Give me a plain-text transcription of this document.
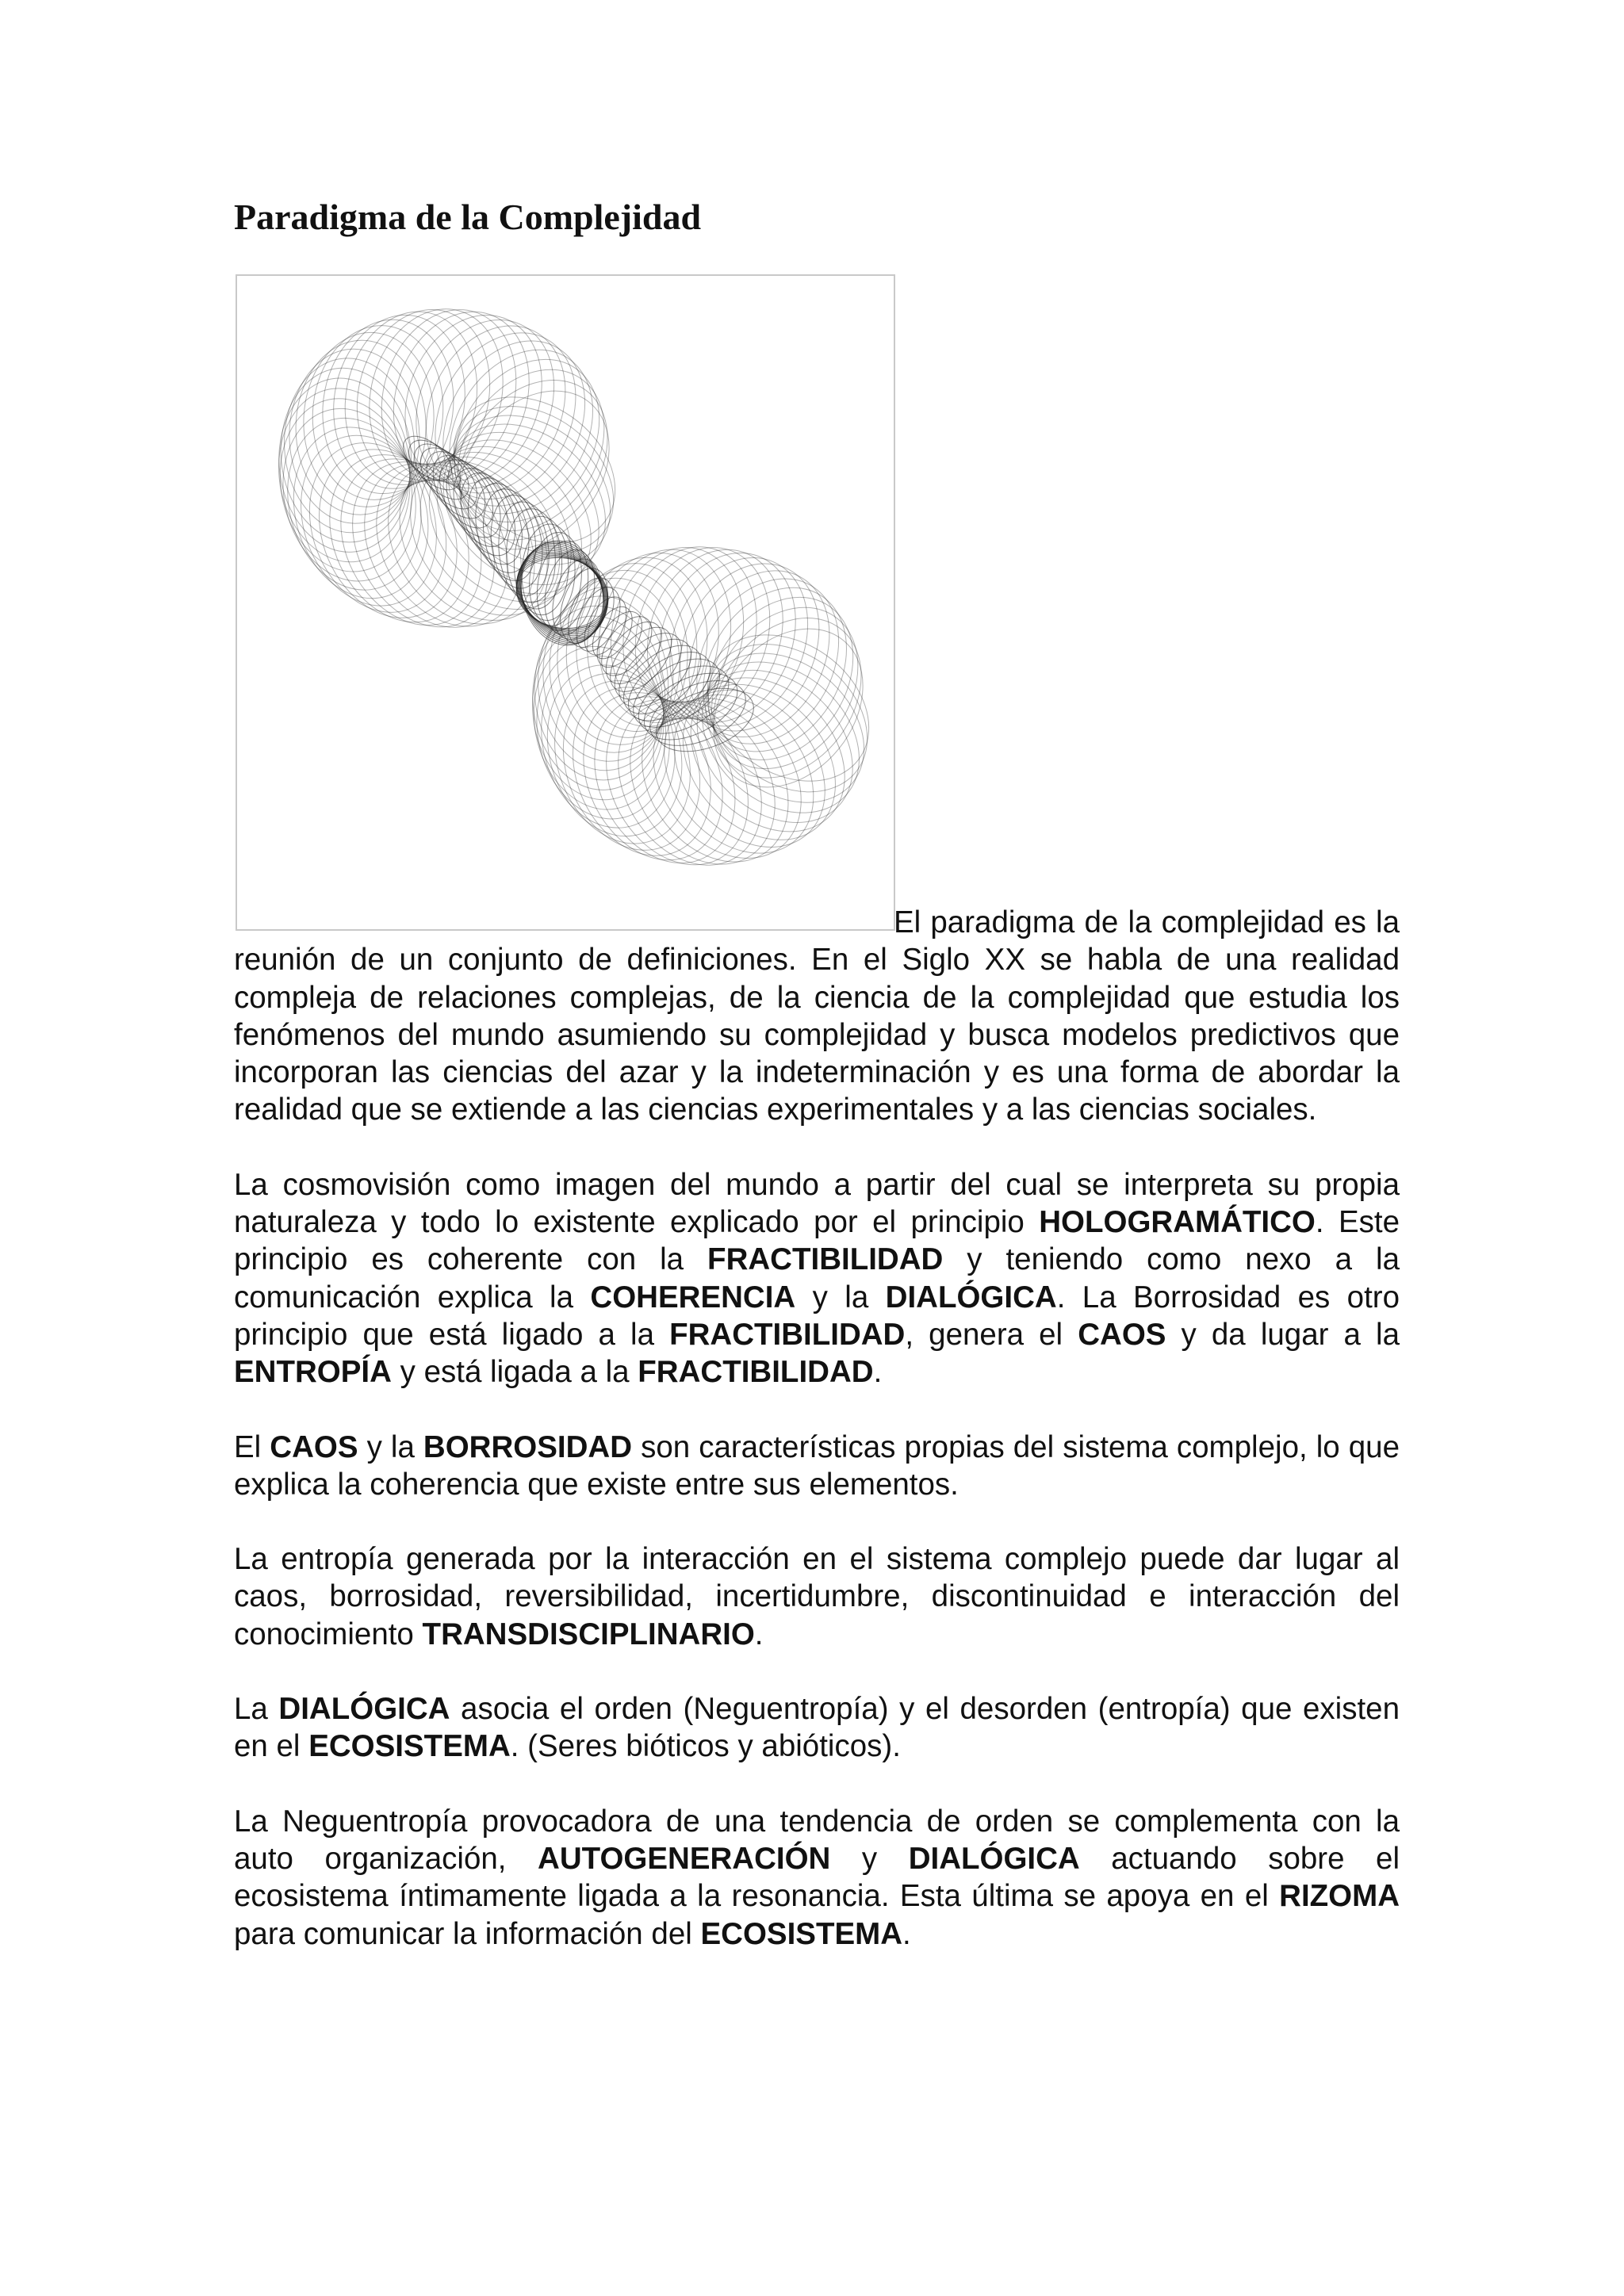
Paradigma de la Complejidad

El paradigma de la complejidad es la reunión de un conjunto de definiciones. En el Siglo XX se habla de una realidad compleja de relaciones complejas, de la ciencia de la complejidad que estudia los fenómenos del mundo asumiendo su complejidad y busca modelos predictivos que incorporan las ciencias del azar y la indeterminación y es una forma de abordar la realidad que se extiende a las ciencias experimentales y a las ciencias sociales.

La cosmovisión como imagen del mundo a partir del cual se interpreta su propia naturaleza y todo lo existente explicado por el principio HOLOGRAMÁTICO. Este principio es coherente con la FRACTIBILIDAD y teniendo como nexo a la comunicación explica la COHERENCIA y la DIALÓGICA. La Borrosidad es otro principio que está ligado a la FRACTIBILIDAD, genera el CAOS y da lugar a la ENTROPÍA y está ligada a la FRACTIBILIDAD.

El CAOS y la BORROSIDAD son características propias del sistema complejo, lo que explica la coherencia que existe entre sus elementos.

La entropía generada por la interacción en el sistema complejo puede dar lugar al caos, borrosidad, reversibilidad, incertidumbre, discontinuidad e interacción del conocimiento TRANSDISCIPLINARIO.

La DIALÓGICA asocia el orden (Neguentropía) y el desorden (entropía) que existen en el ECOSISTEMA. (Seres bióticos y abióticos).

La Neguentropía provocadora de una tendencia de orden se complementa con la auto organización, AUTOGENERACIÓN y DIALÓGICA actuando sobre el ecosistema íntimamente ligada a la resonancia. Esta última se apoya en el RIZOMA para comunicar la información del ECOSISTEMA.
